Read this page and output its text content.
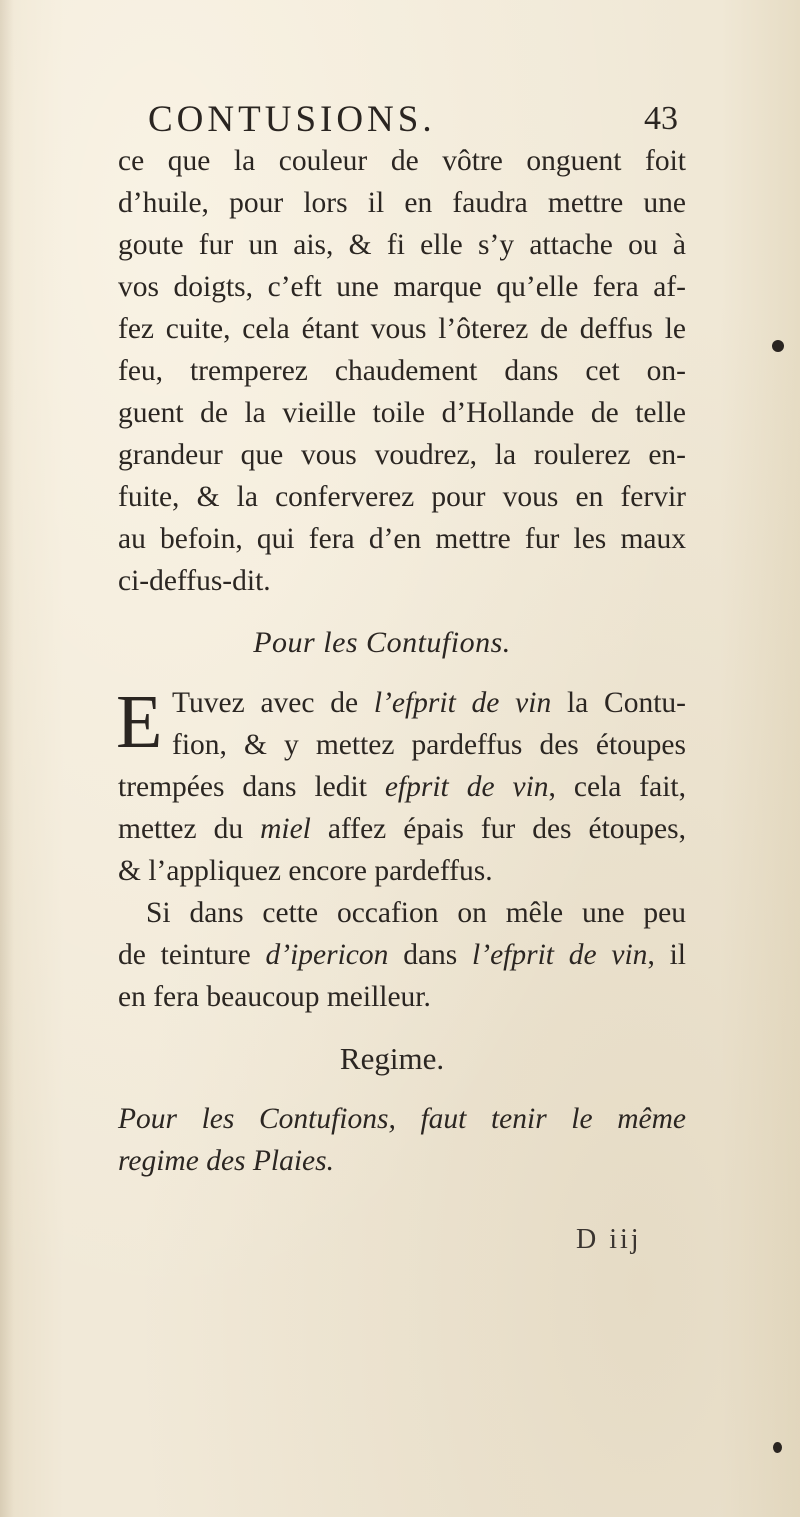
CONTUSIONS.	43
ce que la couleur de vôtre onguent foit
d’huile, pour lors il en faudra mettre une
goute fur un ais, & fi elle s’y attache ou à
vos doigts, c’eft une marque qu’elle fera af-
fez cuite, cela étant vous l’ôterez de deffus le
feu, tremperez chaudement dans cet on-
guent de la vieille toile d’Hollande de telle
grandeur que vous voudrez, la roulerez en-
fuite, & la conferverez pour vous en fervir
au befoin, qui fera d’en mettre fur les maux
ci-deffus-dit.
Pour les Contufions.
E Tuvez avec de l’efprit de vin la Contu-
fion, & y mettez pardeffus des étoupes
trempées dans ledit efprit de vin, cela fait,
mettez du miel affez épais fur des étoupes,
& l’appliquez encore pardeffus.
Si dans cette occafion on mêle une peu
de teinture d’ipericon dans l’efprit de vin, il
en fera beaucoup meilleur.
Regime.
Pour les Contufions, faut tenir le même
regime des Plaies.
D iij
